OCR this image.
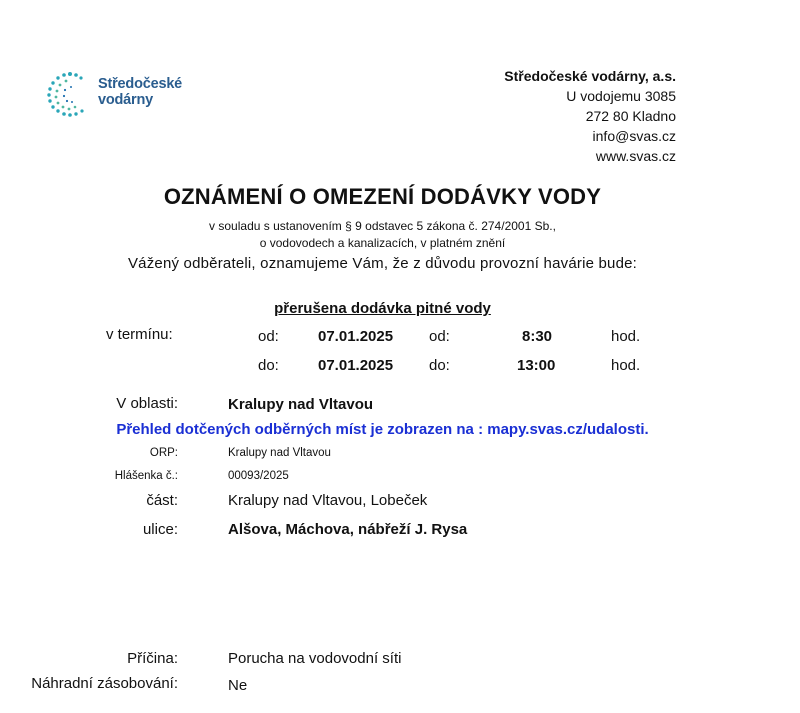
Středočeské
vodárny
Středočeské vodárny, a.s.
U vodojemu 3085
272 80 Kladno
info@svas.cz
www.svas.cz
OZNÁMENÍ O OMEZENÍ DODÁVKY VODY
v souladu s ustanovením § 9 odstavec 5 zákona č. 274/2001 Sb.,
o vodovodech a kanalizacích, v platném znění
Vážený odběrateli, oznamujeme Vám, že z důvodu provozní havárie bude:
přerušena dodávka pitné vody
v termínu:	od:	07.01.2025 od:	8:30	hod.
do:	07.01.2025 do:	13:00	hod.
V oblasti:	Kralupy nad Vltavou
Přehled dotčených odběrných míst je zobrazen na : mapy.svas.cz/udalosti.
ORP:	Kralupy nad Vltavou
Hlášenka č.:	00093/2025
část:	Kralupy nad Vltavou, Lobeček
ulice:	Alšova, Máchova, nábřeží J. Rysa
Příčina:	Porucha na vodovodní síti
Náhradní zásobování:	Ne
